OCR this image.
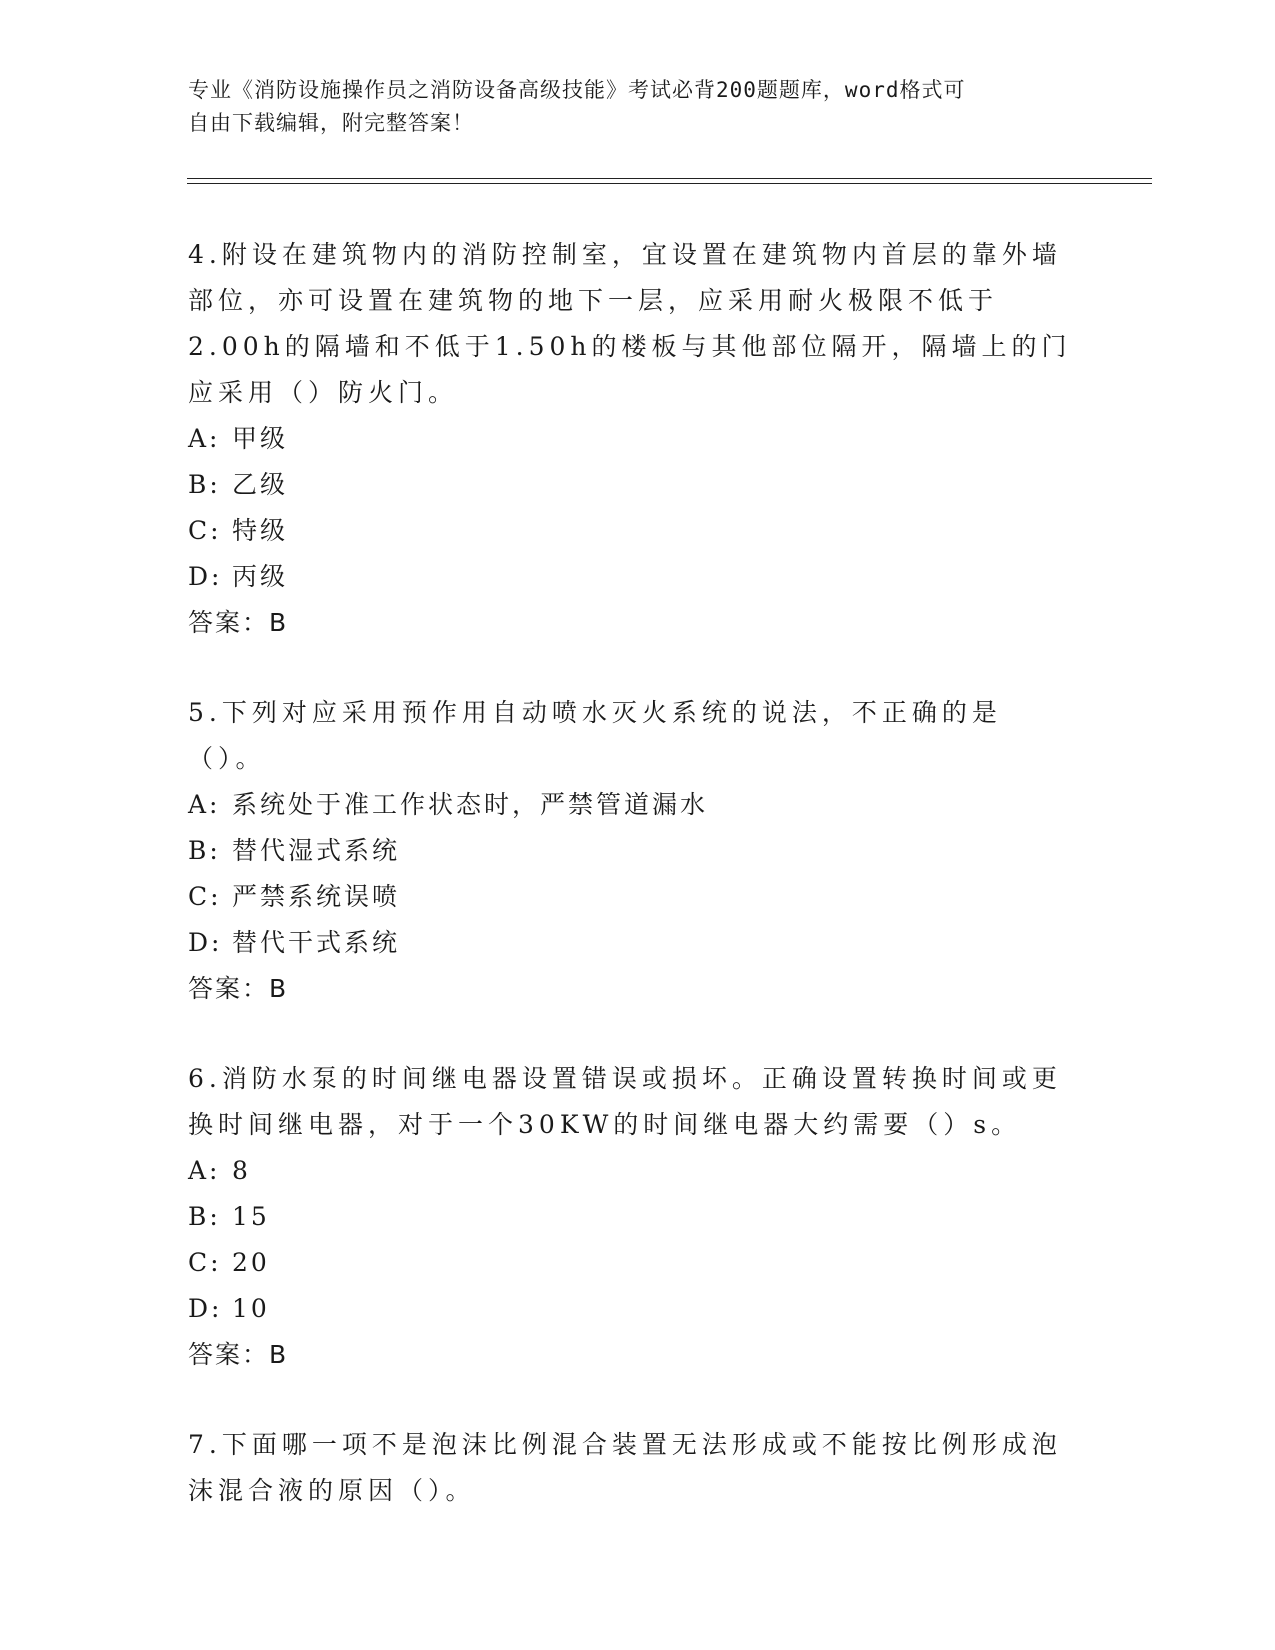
专业《消防设施操作员之消防设备高级技能》考试必背200题题库，word格式可
自由下载编辑，附完整答案！
4.附设在建筑物内的消防控制室，宜设置在建筑物内首层的靠外墙部位，亦可设置在建筑物的地下一层，应采用耐火极限不低于2.00h的隔墙和不低于1.50h的楼板与其他部位隔开，隔墙上的门应采用（）防火门。
A: 甲级
B: 乙级
C: 特级
D: 丙级
答案：B
5.下列对应采用预作用自动喷水灭火系统的说法，不正确的是（）。
A: 系统处于准工作状态时，严禁管道漏水
B: 替代湿式系统
C: 严禁系统误喷
D: 替代干式系统
答案：B
6.消防水泵的时间继电器设置错误或损坏。正确设置转换时间或更换时间继电器，对于一个30KW的时间继电器大约需要（）s。
A: 8
B: 15
C: 20
D: 10
答案：B
7.下面哪一项不是泡沫比例混合装置无法形成或不能按比例形成泡沫混合液的原因（）。
